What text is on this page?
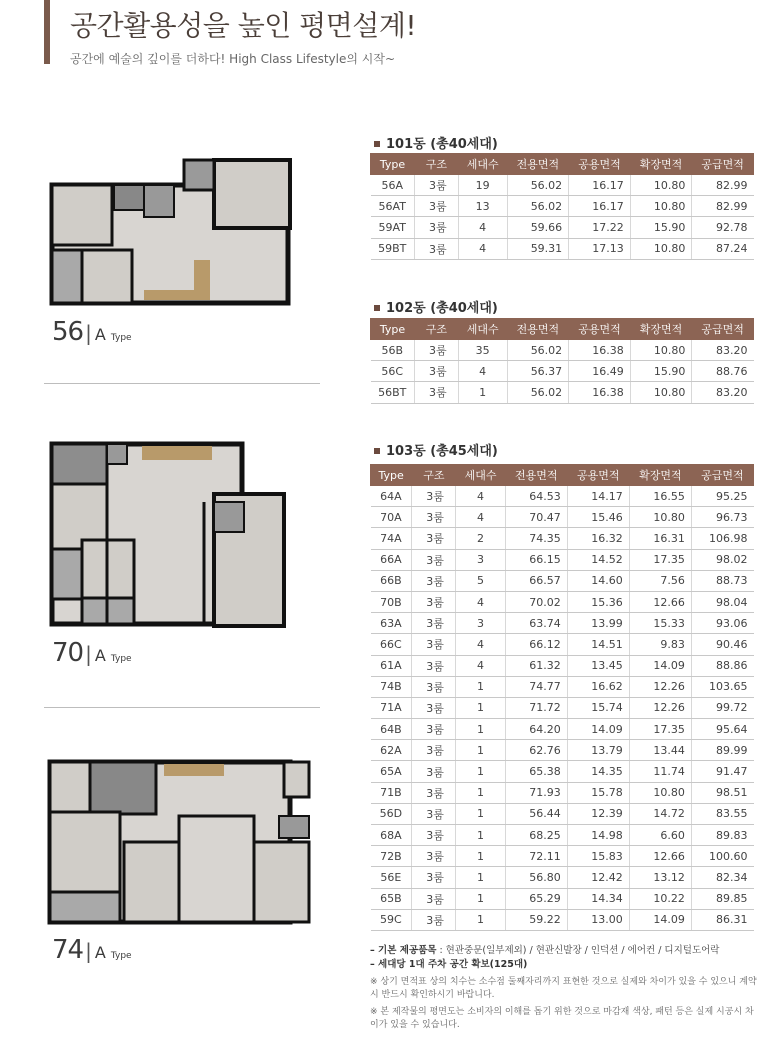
공간활용성을 높인 평면설계!

공간에 예술의 깊이를 더하다! High Class Lifestyle의 시작~

56 | A Type
70 | A Type
74 | A Type
101동 (총40세대)
Type	구조	세대수	전용면적	공용면적	확장면적	공급면적
56A	3룸	19	56.02	16.17	10.80	82.99
56AT	3룸	13	56.02	16.17	10.80	82.99
59AT	3룸	4	59.66	17.22	15.90	92.78
59BT	3룸	4	59.31	17.13	10.80	87.24
102동 (총40세대)
Type	구조	세대수	전용면적	공용면적	확장면적	공급면적
56B	3룸	35	56.02	16.38	10.80	83.20
56C	3룸	4	56.37	16.49	15.90	88.76
56BT	3룸	1	56.02	16.38	10.80	83.20
103동 (총45세대)
Type	구조	세대수	전용면적	공용면적	확장면적	공급면적
64A	3룸	4	64.53	14.17	16.55	95.25
70A	3룸	4	70.47	15.46	10.80	96.73
74A	3룸	2	74.35	16.32	16.31	106.98
66A	3룸	3	66.15	14.52	17.35	98.02
66B	3룸	5	66.57	14.60	7.56	88.73
70B	3룸	4	70.02	15.36	12.66	98.04
63A	3룸	3	63.74	13.99	15.33	93.06
66C	3룸	4	66.12	14.51	9.83	90.46
61A	3룸	4	61.32	13.45	14.09	88.86
74B	3룸	1	74.77	16.62	12.26	103.65
71A	3룸	1	71.72	15.74	12.26	99.72
64B	3룸	1	64.20	14.09	17.35	95.64
62A	3룸	1	62.76	13.79	13.44	89.99
65A	3룸	1	65.38	14.35	11.74	91.47
71B	3룸	1	71.93	15.78	10.80	98.51
56D	3룸	1	56.44	12.39	14.72	83.55
68A	3룸	1	68.25	14.98	6.60	89.83
72B	3룸	1	72.11	15.83	12.66	100.60
56E	3룸	1	56.80	12.42	13.12	82.34
65B	3룸	1	65.29	14.34	10.22	89.85
59C	3룸	1	59.22	13.00	14.09	86.31
– 기본 제공품목 : 현관중문(일부제외) / 현관신발장 / 인덕션 / 에어컨 / 디지털도어락
– 세대당 1대 주차 공간 확보(125대)
※ 상기 면적표 상의 치수는 소수점 둘째자리까지 표현한 것으로 실제와 차이가 있을 수 있으니 계약시 반드시 확인하시기 바랍니다.
※ 본 제작물의 평면도는 소비자의 이해를 돕기 위한 것으로 마감재 색상, 패턴 등은 실제 시공시 차이가 있을 수 있습니다.
